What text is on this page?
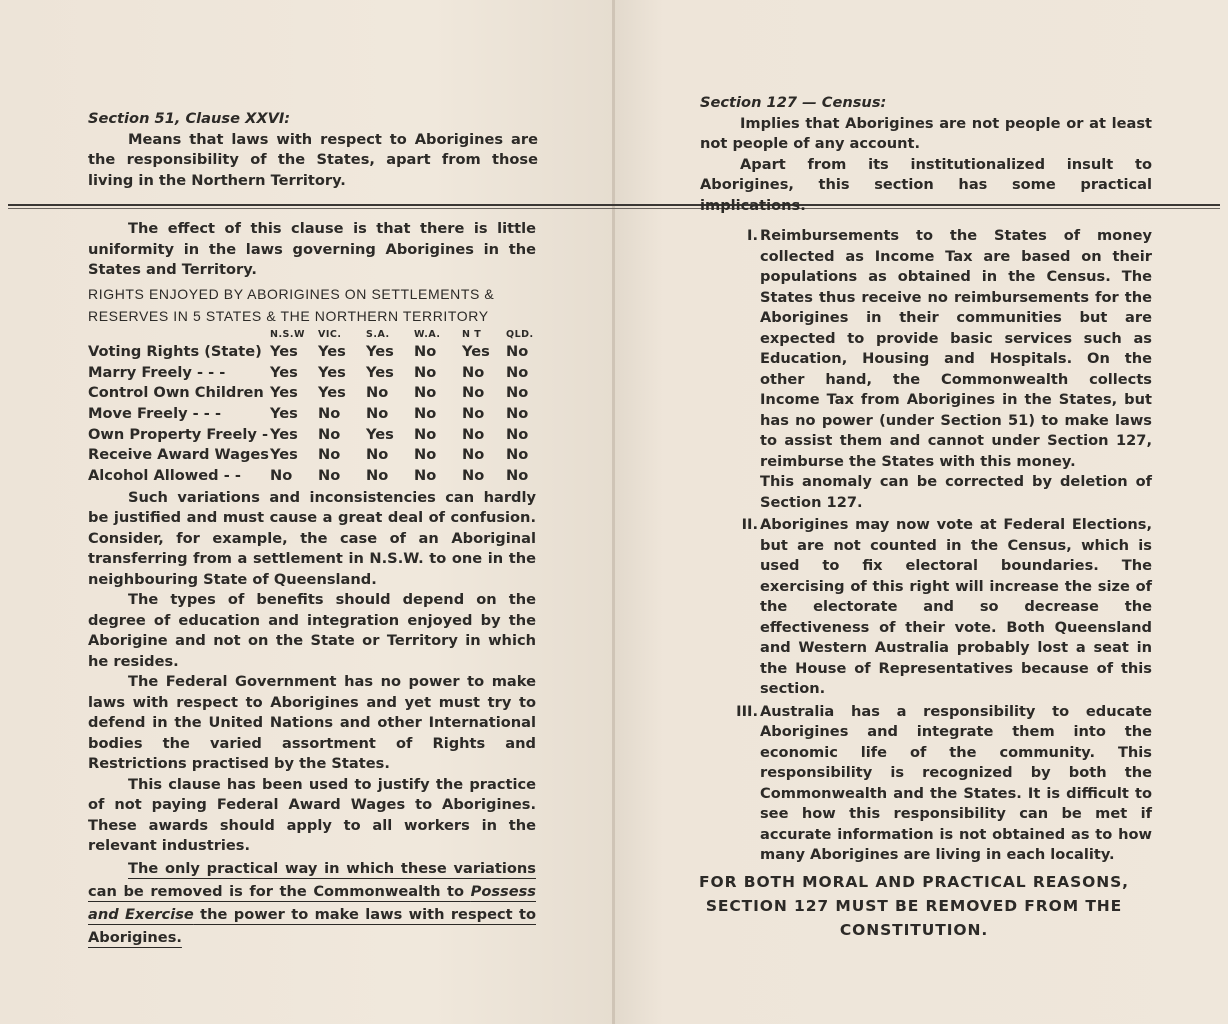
Section 51, Clause XXVI:

Means that laws with respect to Aborigines are the responsibility of the States, apart from those living in the Northern Territory.

The effect of this clause is that there is little uniformity in the laws governing Aborigines in the States and Territory.

RIGHTS ENJOYED BY ABORIGINES ON SETTLEMENTS &

RESERVES IN 5 STATES & THE NORTHERN TERRITORY

	N.S.W	VIC.	S.A.	W.A.	N T	QLD.
Voting Rights (State)	Yes	Yes	Yes	No	Yes	No
Marry Freely - - -	Yes	Yes	Yes	No	No	No
Control Own Children	Yes	Yes	No	No	No	No
Move Freely - - -	Yes	No	No	No	No	No
Own Property Freely -	Yes	No	Yes	No	No	No
Receive Award Wages	Yes	No	No	No	No	No
Alcohol Allowed - -	No	No	No	No	No	No

Such variations and inconsistencies can hardly be justified and must cause a great deal of confusion. Consider, for example, the case of an Aboriginal transferring from a settlement in N.S.W. to one in the neighbouring State of Queensland.

The types of benefits should depend on the degree of education and integration enjoyed by the Aborigine and not on the State or Territory in which he resides.

The Federal Government has no power to make laws with respect to Aborigines and yet must try to defend in the United Nations and other International bodies the varied assortment of Rights and Restrictions practised by the States.

This clause has been used to justify the practice of not paying Federal Award Wages to Aborigines. These awards should apply to all workers in the relevant industries.

The only practical way in which these variations can be removed is for the Commonwealth to Possess and Exercise the power to make laws with respect to Aborigines.

Section 127 — Census:

Implies that Aborigines are not people or at least not people of any account.

Apart from its institutionalized insult to Aborigines, this section has some practical implications.

I. Reimbursements to the States of money collected as Income Tax are based on their populations as obtained in the Census. The States thus receive no reimbursements for the Aborigines in their communities but are expected to provide basic services such as Education, Housing and Hospitals. On the other hand, the Commonwealth collects Income Tax from Aborigines in the States, but has no power (under Section 51) to make laws to assist them and cannot under Section 127, reimburse the States with this money.

This anomaly can be corrected by deletion of Section 127.

II. Aborigines may now vote at Federal Elections, but are not counted in the Census, which is used to fix electoral boundaries. The exercising of this right will increase the size of the electorate and so decrease the effectiveness of their vote. Both Queensland and Western Australia probably lost a seat in the House of Representatives because of this section.

III. Australia has a responsibility to educate Aborigines and integrate them into the economic life of the community. This responsibility is recognized by both the Commonwealth and the States. It is difficult to see how this responsibility can be met if accurate information is not obtained as to how many Aborigines are living in each locality.

FOR BOTH MORAL AND PRACTICAL REASONS, SECTION 127 MUST BE REMOVED FROM THE CONSTITUTION.
